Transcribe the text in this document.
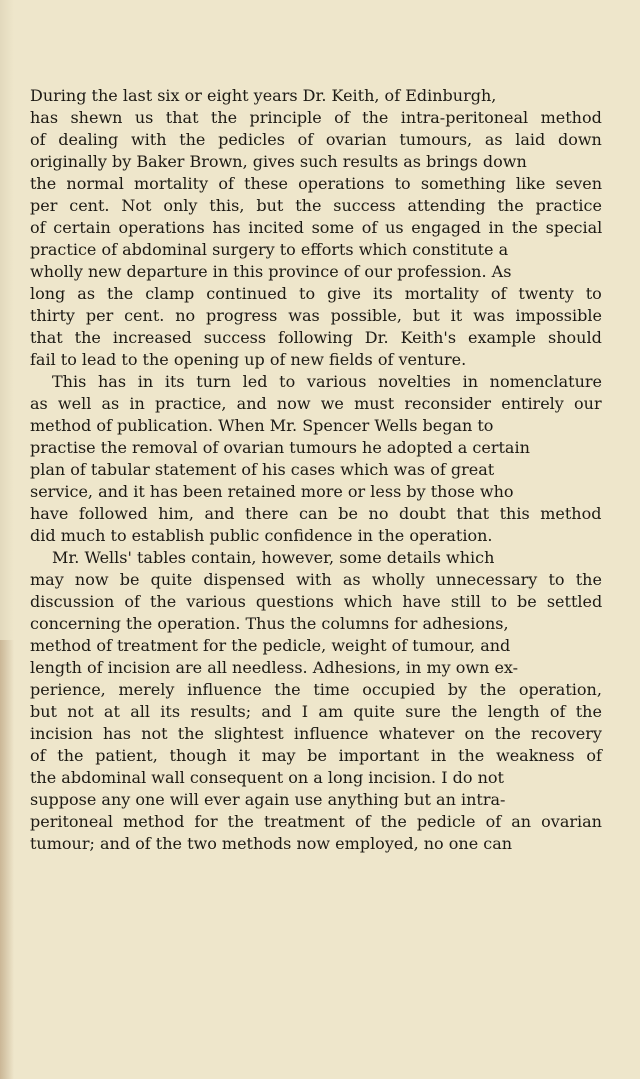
During the last six or eight years Dr. Keith, of Edinburgh,
has shewn us that the principle of the intra-peritoneal method
of dealing with the pedicles of ovarian tumours, as laid down
originally by Baker Brown, gives such results as brings down
the normal mortality of these operations to something like seven
per cent. Not only this, but the success attending the practice
of certain operations has incited some of us engaged in the special
practice of abdominal surgery to efforts which constitute a
wholly new departure in this province of our profession. As
long as the clamp continued to give its mortality of twenty to
thirty per cent. no progress was possible, but it was impossible
that the increased success following Dr. Keith's example should
fail to lead to the opening up of new fields of venture.
This has in its turn led to various novelties in nomenclature
as well as in practice, and now we must reconsider entirely our
method of publication. When Mr. Spencer Wells began to
practise the removal of ovarian tumours he adopted a certain
plan of tabular statement of his cases which was of great
service, and it has been retained more or less by those who
have followed him, and there can be no doubt that this method
did much to establish public confidence in the operation.
Mr. Wells' tables contain, however, some details which
may now be quite dispensed with as wholly unnecessary to the
discussion of the various questions which have still to be settled
concerning the operation. Thus the columns for adhesions,
method of treatment for the pedicle, weight of tumour, and
length of incision are all needless. Adhesions, in my own ex-
perience, merely influence the time occupied by the operation,
but not at all its results; and I am quite sure the length of the
incision has not the slightest influence whatever on the recovery
of the patient, though it may be important in the weakness of
the abdominal wall consequent on a long incision. I do not
suppose any one will ever again use anything but an intra-
peritoneal method for the treatment of the pedicle of an ovarian
tumour; and of the two methods now employed, no one can
